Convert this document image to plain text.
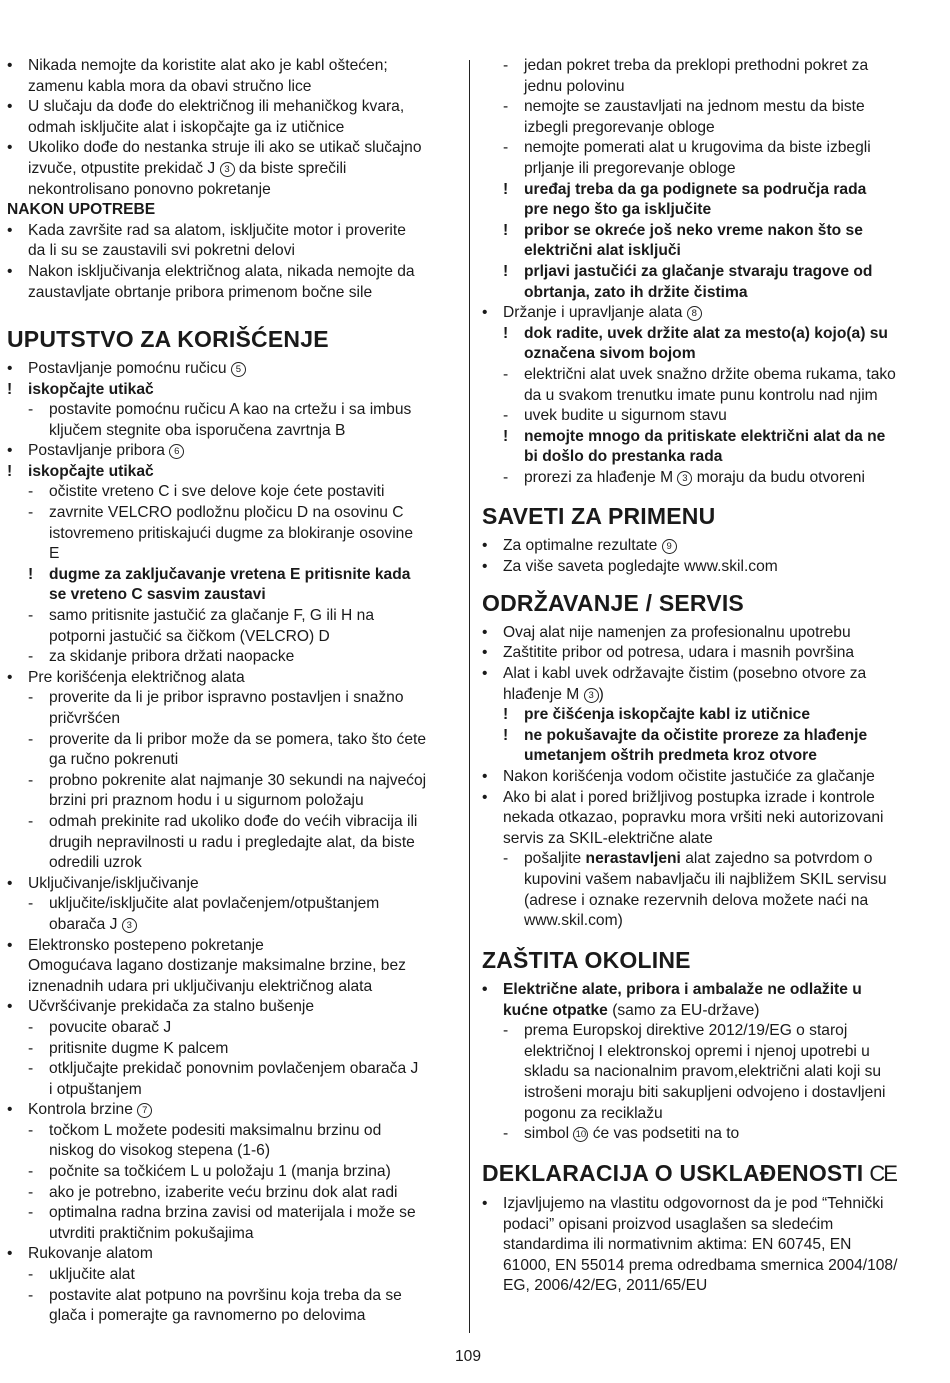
• Nikada nemojte da koristite alat ako je kabl oštećen;
zamenu kabla mora da obavi stručno lice
• U slučaju da dođe do električnog ili mehaničkog kvara,
odmah isključite alat i iskopčajte ga iz utičnice
• Ukoliko dođe do nestanka struje ili ako se utikač slučajno
izvuče, otpustite prekidač J 3 da biste sprečili
nekontrolisano ponovno pokretanje
NAKON UPOTREBE
• Kada završite rad sa alatom, isključite motor i proverite
da li su se zaustavili svi pokretni delovi
• Nakon isključivanja električnog alata, nikada nemojte da
zaustavljate obrtanje pribora primenom bočne sile
UPUTSTVO ZA KORIŠĆENJE
• Postavljanje pomoćnu ručicu 5
! iskopčajte utikač
- postavite pomoćnu ručicu A kao na crtežu i sa imbus
ključem stegnite oba isporučena zavrtnja B
• Postavljanje pribora 6
! iskopčajte utikač
- očistite vreteno C i sve delove koje ćete postaviti
- zavrnite VELCRO podložnu pločicu D na osovinu C
istovremeno pritiskajući dugme za blokiranje osovine
E
! dugme za zaključavanje vretena E pritisnite kada
se vreteno C sasvim zaustavi
- samo pritisnite jastučić za glačanje F, G ili H na
potporni jastučić sa čičkom (VELCRO) D
- za skidanje pribora držati naopacke
• Pre korišćenja električnog alata
- proverite da li je pribor ispravno postavljen i snažno
pričvršćen
- proverite da li pribor može da se pomera, tako što ćete
ga ručno pokrenuti
- probno pokrenite alat najmanje 30 sekundi na najvećoj
brzini pri praznom hodu i u sigurnom položaju
- odmah prekinite rad ukoliko dođe do većih vibracija ili
drugih nepravilnosti u radu i pregledajte alat, da biste
odredili uzrok
• Uključivanje/isključivanje
- uključite/isključite alat povlačenjem/otpuštanjem
obarača J 3
• Elektronsko postepeno pokretanje
Omogućava lagano dostizanje maksimalne brzine, bez
iznenadnih udara pri uključivanju električnog alata
• Učvršćivanje prekidača za stalno bušenje
- povucite obarač J
- pritisnite dugme K palcem
- otključajte prekidač ponovnim povlačenjem obarača J
i otpuštanjem
• Kontrola brzine 7
- točkom L možete podesiti maksimalnu brzinu od
niskog do visokog stepena (1-6)
- počnite sa točkićem L u položaju 1 (manja brzina)
- ako je potrebno, izaberite veću brzinu dok alat radi
- optimalna radna brzina zavisi od materijala i može se
utvrditi praktičnim pokušajima
• Rukovanje alatom
- uključite alat
- postavite alat potpuno na površinu koja treba da se
glača i pomerajte ga ravnomerno po delovima
- jedan pokret treba da preklopi prethodni pokret za
jednu polovinu
- nemojte se zaustavljati na jednom mestu da biste
izbegli pregorevanje obloge
- nemojte pomerati alat u krugovima da biste izbegli
prljanje ili pregorevanje obloge
! uređaj treba da ga podignete sa područja rada
pre nego što ga isključite
! pribor se okreće još neko vreme nakon što se
električni alat isključi
! prljavi jastučići za glačanje stvaraju tragove od
obrtanja, zato ih držite čistima
• Držanje i upravljanje alata 8
! dok radite, uvek držite alat za mesto(a) kojo(a) su
označena sivom bojom
- električni alat uvek snažno držite obema rukama, tako
da u svakom trenutku imate punu kontrolu nad njim
- uvek budite u sigurnom stavu
! nemojte mnogo da pritiskate električni alat da ne
bi došlo do prestanka rada
- prorezi za hlađenje M 3 moraju da budu otvoreni
SAVETI ZA PRIMENU
• Za optimalne rezultate 9
• Za više saveta pogledajte www.skil.com
ODRŽAVANJE / SERVIS
• Ovaj alat nije namenjen za profesionalnu upotrebu
• Zaštitite pribor od potresa, udara i masnih površina
• Alat i kabl uvek održavajte čistim (posebno otvore za
hlađenje M 3 )
! pre čišćenja iskopčajte kabl iz utičnice
! ne pokušavajte da očistite proreze za hlađenje
umetanjem oštrih predmeta kroz otvore
• Nakon korišćenja vodom očistite jastučiće za glačanje
• Ako bi alat i pored brižljivog postupka izrade i kontrole
nekada otkazao, popravku mora vršiti neki autorizovani
servis za SKIL-električne alate
- pošaljite nerastavljeni alat zajedno sa potvrdom o
kupovini vašem nabavljaču ili najbližem SKIL servisu
(adrese i oznake rezervnih delova možete naći na
www.skil.com)
ZAŠTITA OKOLINE
• Električne alate, pribora i ambalaže ne odlažite u
kućne otpatke (samo za EU-države)
- prema Europskoj direktive 2012/19/EG o staroj
električnoj I elektronskoj opremi i njenoj upotrebi u
skladu sa nacionalnim pravom,električni alati koji su
istrošeni moraju biti sakupljeni odvojeno i dostavljeni
pogonu za reciklažu
- simbol 10 će vas podsetiti na to
DEKLARACIJA O USKLAĐENOSTI CE
• Izjavljujemo na vlastitu odgovornost da je pod “Tehnički
podaci” opisani proizvod usaglašen sa sledećim
standardima ili normativnim aktima: EN 60745, EN
61000, EN 55014 prema odredbama smernica 2004/108/
EG, 2006/42/EG, 2011/65/EU
109
